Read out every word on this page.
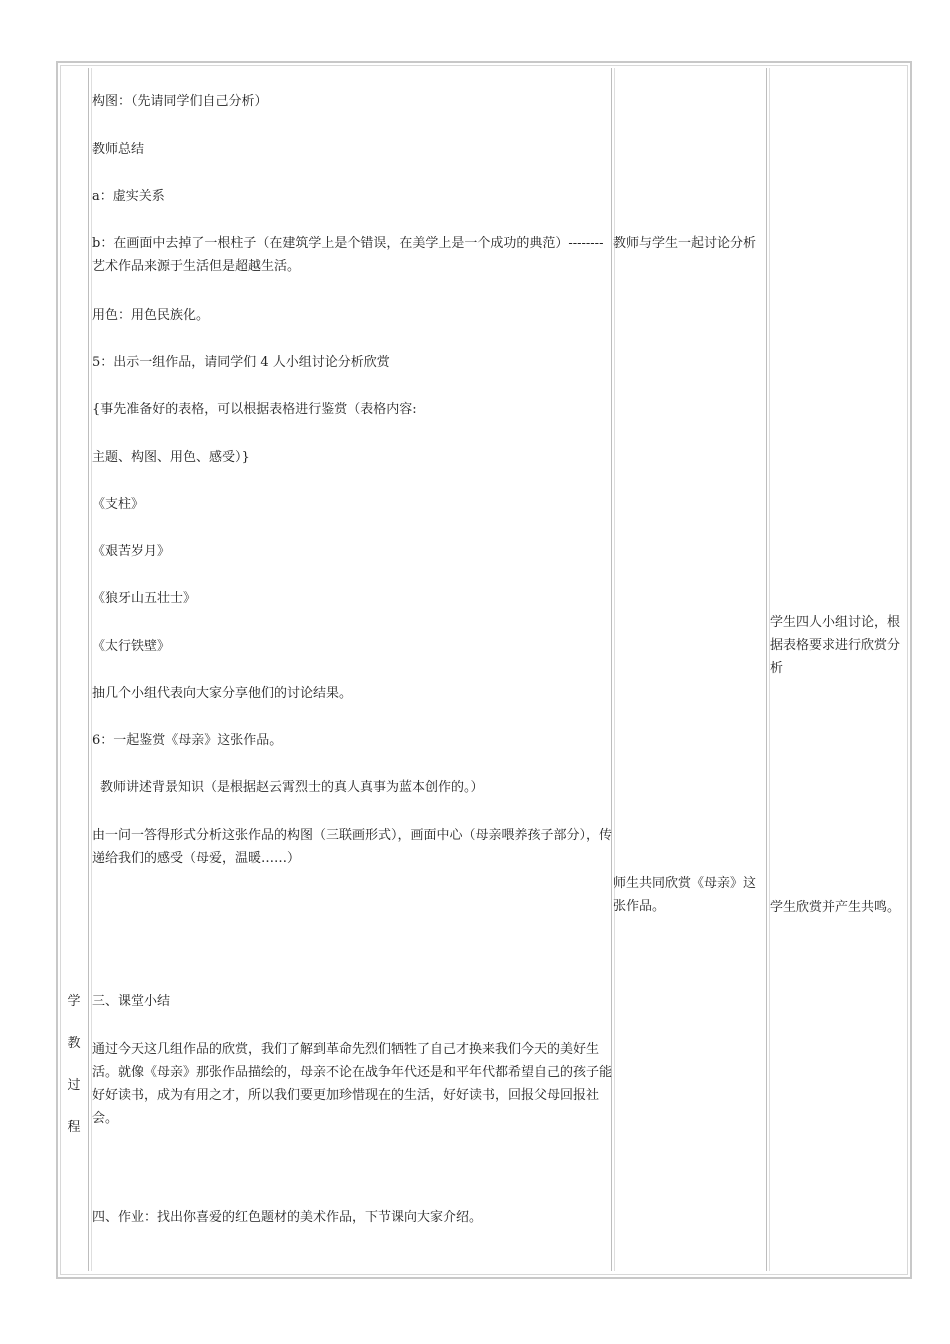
学
教
过
程
构图：（先请同学们自己分析）
教师总结
a：虚实关系
b：在画面中去掉了一根柱子（在建筑学上是个错误，在美学上是一个成功的典范）--------艺术作品来源于生活但是超越生活。
用色：用色民族化。
5：出示一组作品，请同学们 4 人小组讨论分析欣赏
{事先准备好的表格，可以根据表格进行鉴赏（表格内容:
主题、构图、用色、感受）}
《支柱》
《艰苦岁月》
《狼牙山五壮士》
《太行铁壁》
抽几个小组代表向大家分享他们的讨论结果。
6：一起鉴赏《母亲》这张作品。
教师讲述背景知识（是根据赵云霄烈士的真人真事为蓝本创作的。）
由一问一答得形式分析这张作品的构图（三联画形式），画面中心（母亲喂养孩子部分），传递给我们的感受（母爱，温暖……）
三、课堂小结
通过今天这几组作品的欣赏，我们了解到革命先烈们牺牲了自己才换来我们今天的美好生活。就像《母亲》那张作品描绘的，母亲不论在战争年代还是和平年代都希望自己的孩子能好好读书，成为有用之才，所以我们要更加珍惜现在的生活，好好读书，回报父母回报社会。
四、作业：找出你喜爱的红色题材的美术作品，下节课向大家介绍。
教师与学生一起讨论分析
师生共同欣赏《母亲》这张作品。
学生四人小组讨论，根据表格要求进行欣赏分析
学生欣赏并产生共鸣。
